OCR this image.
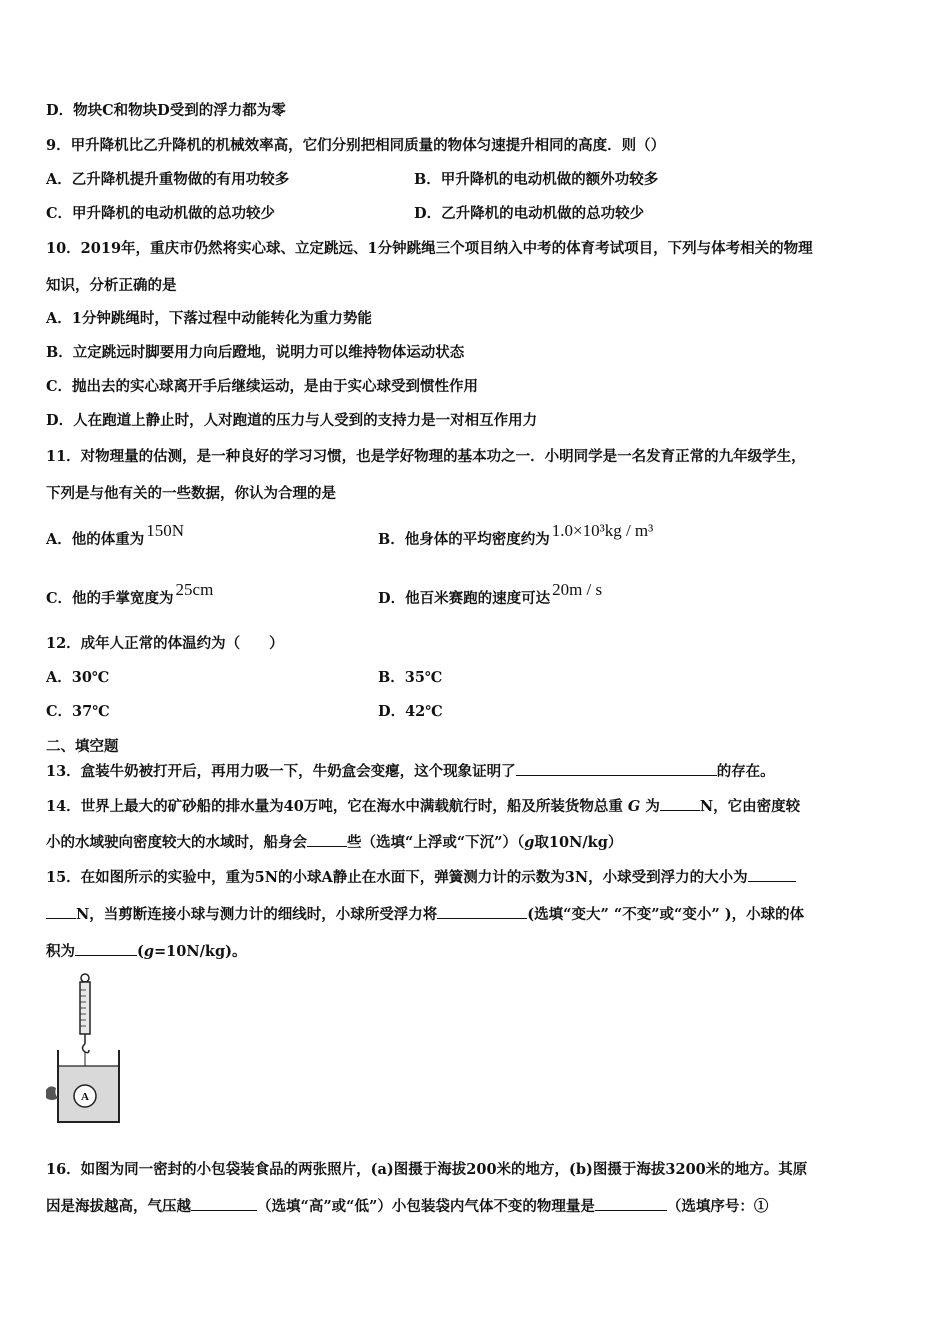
D．物块C和物块D受到的浮力都为零
9．甲升降机比乙升降机的机械效率高，它们分别把相同质量的物体匀速提升相同的高度．则（）
A．乙升降机提升重物做的有用功较多	B．甲升降机的电动机做的额外功较多
C．甲升降机的电动机做的总功较少	D．乙升降机的电动机做的总功较少
10．2019年，重庆市仍然将实心球、立定跳远、1分钟跳绳三个项目纳入中考的体育考试项目，下列与体考相关的物理
知识，分析正确的是
A．1分钟跳绳时，下落过程中动能转化为重力势能
B．立定跳远时脚要用力向后蹬地，说明力可以维持物体运动状态
C．抛出去的实心球离开手后继续运动，是由于实心球受到惯性作用
D．人在跑道上静止时，人对跑道的压力与人受到的支持力是一对相互作用力
11．对物理量的估测，是一种良好的学习习惯，也是学好物理的基本功之一．小明同学是一名发育正常的九年级学生，
下列是与他有关的一些数据，你认为合理的是
A．他的体重为 150N	B．他身体的平均密度约为 1.0×10³kg / m³
C．他的手掌宽度为 25cm	D．他百米赛跑的速度可达 20m / s
12．成年人正常的体温约为（　　）
A．30℃	B．35℃
C．37℃	D．42℃
二、填空题
13．盒装牛奶被打开后，再用力吸一下，牛奶盒会变瘪，这个现象证明了	的存在。
14．世界上最大的矿砂船的排水量为40万吨，它在海水中满载航行时，船及所装货物总重 G 为	N，它由密度较
小的水域驶向密度较大的水域时，船身会	些（选填“上浮或“下沉”）（g取10N/kg）
15．在如图所示的实验中，重为5N的小球A静止在水面下，弹簧测力计的示数为3N，小球受到浮力的大小为
N，当剪断连接小球与测力计的细线时，小球所受浮力将	(选填“变大” “不变”或“变小” )，小球的体
积为	(g=10N/kg)。
A
16．如图为同一密封的小包袋装食品的两张照片，(a)图摄于海拔200米的地方，(b)图摄于海拔3200米的地方。其原
因是海拔越高，气压越	（选填“高”或“低”）小包装袋内气体不变的物理量是	（选填序号：①
